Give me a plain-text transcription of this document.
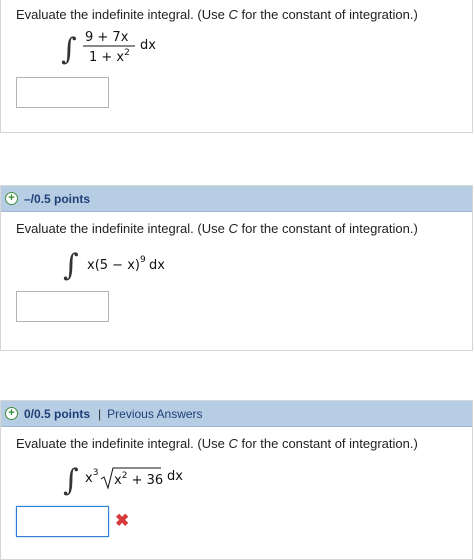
Evaluate the indefinite integral. (Use C for the constant of integration.)
∫ 9 + 7x
$1 + x^2$ dx
+ –/0.5 points
Evaluate the indefinite integral. (Use C for the constant of integration.)
∫ $x(5 - x)^9$ dx
+ 0/0.5 points | Previous Answers
Evaluate the indefinite integral. (Use C for the constant of integration.)
∫ $x^3$ $x^2 + 36$ dx
✖
